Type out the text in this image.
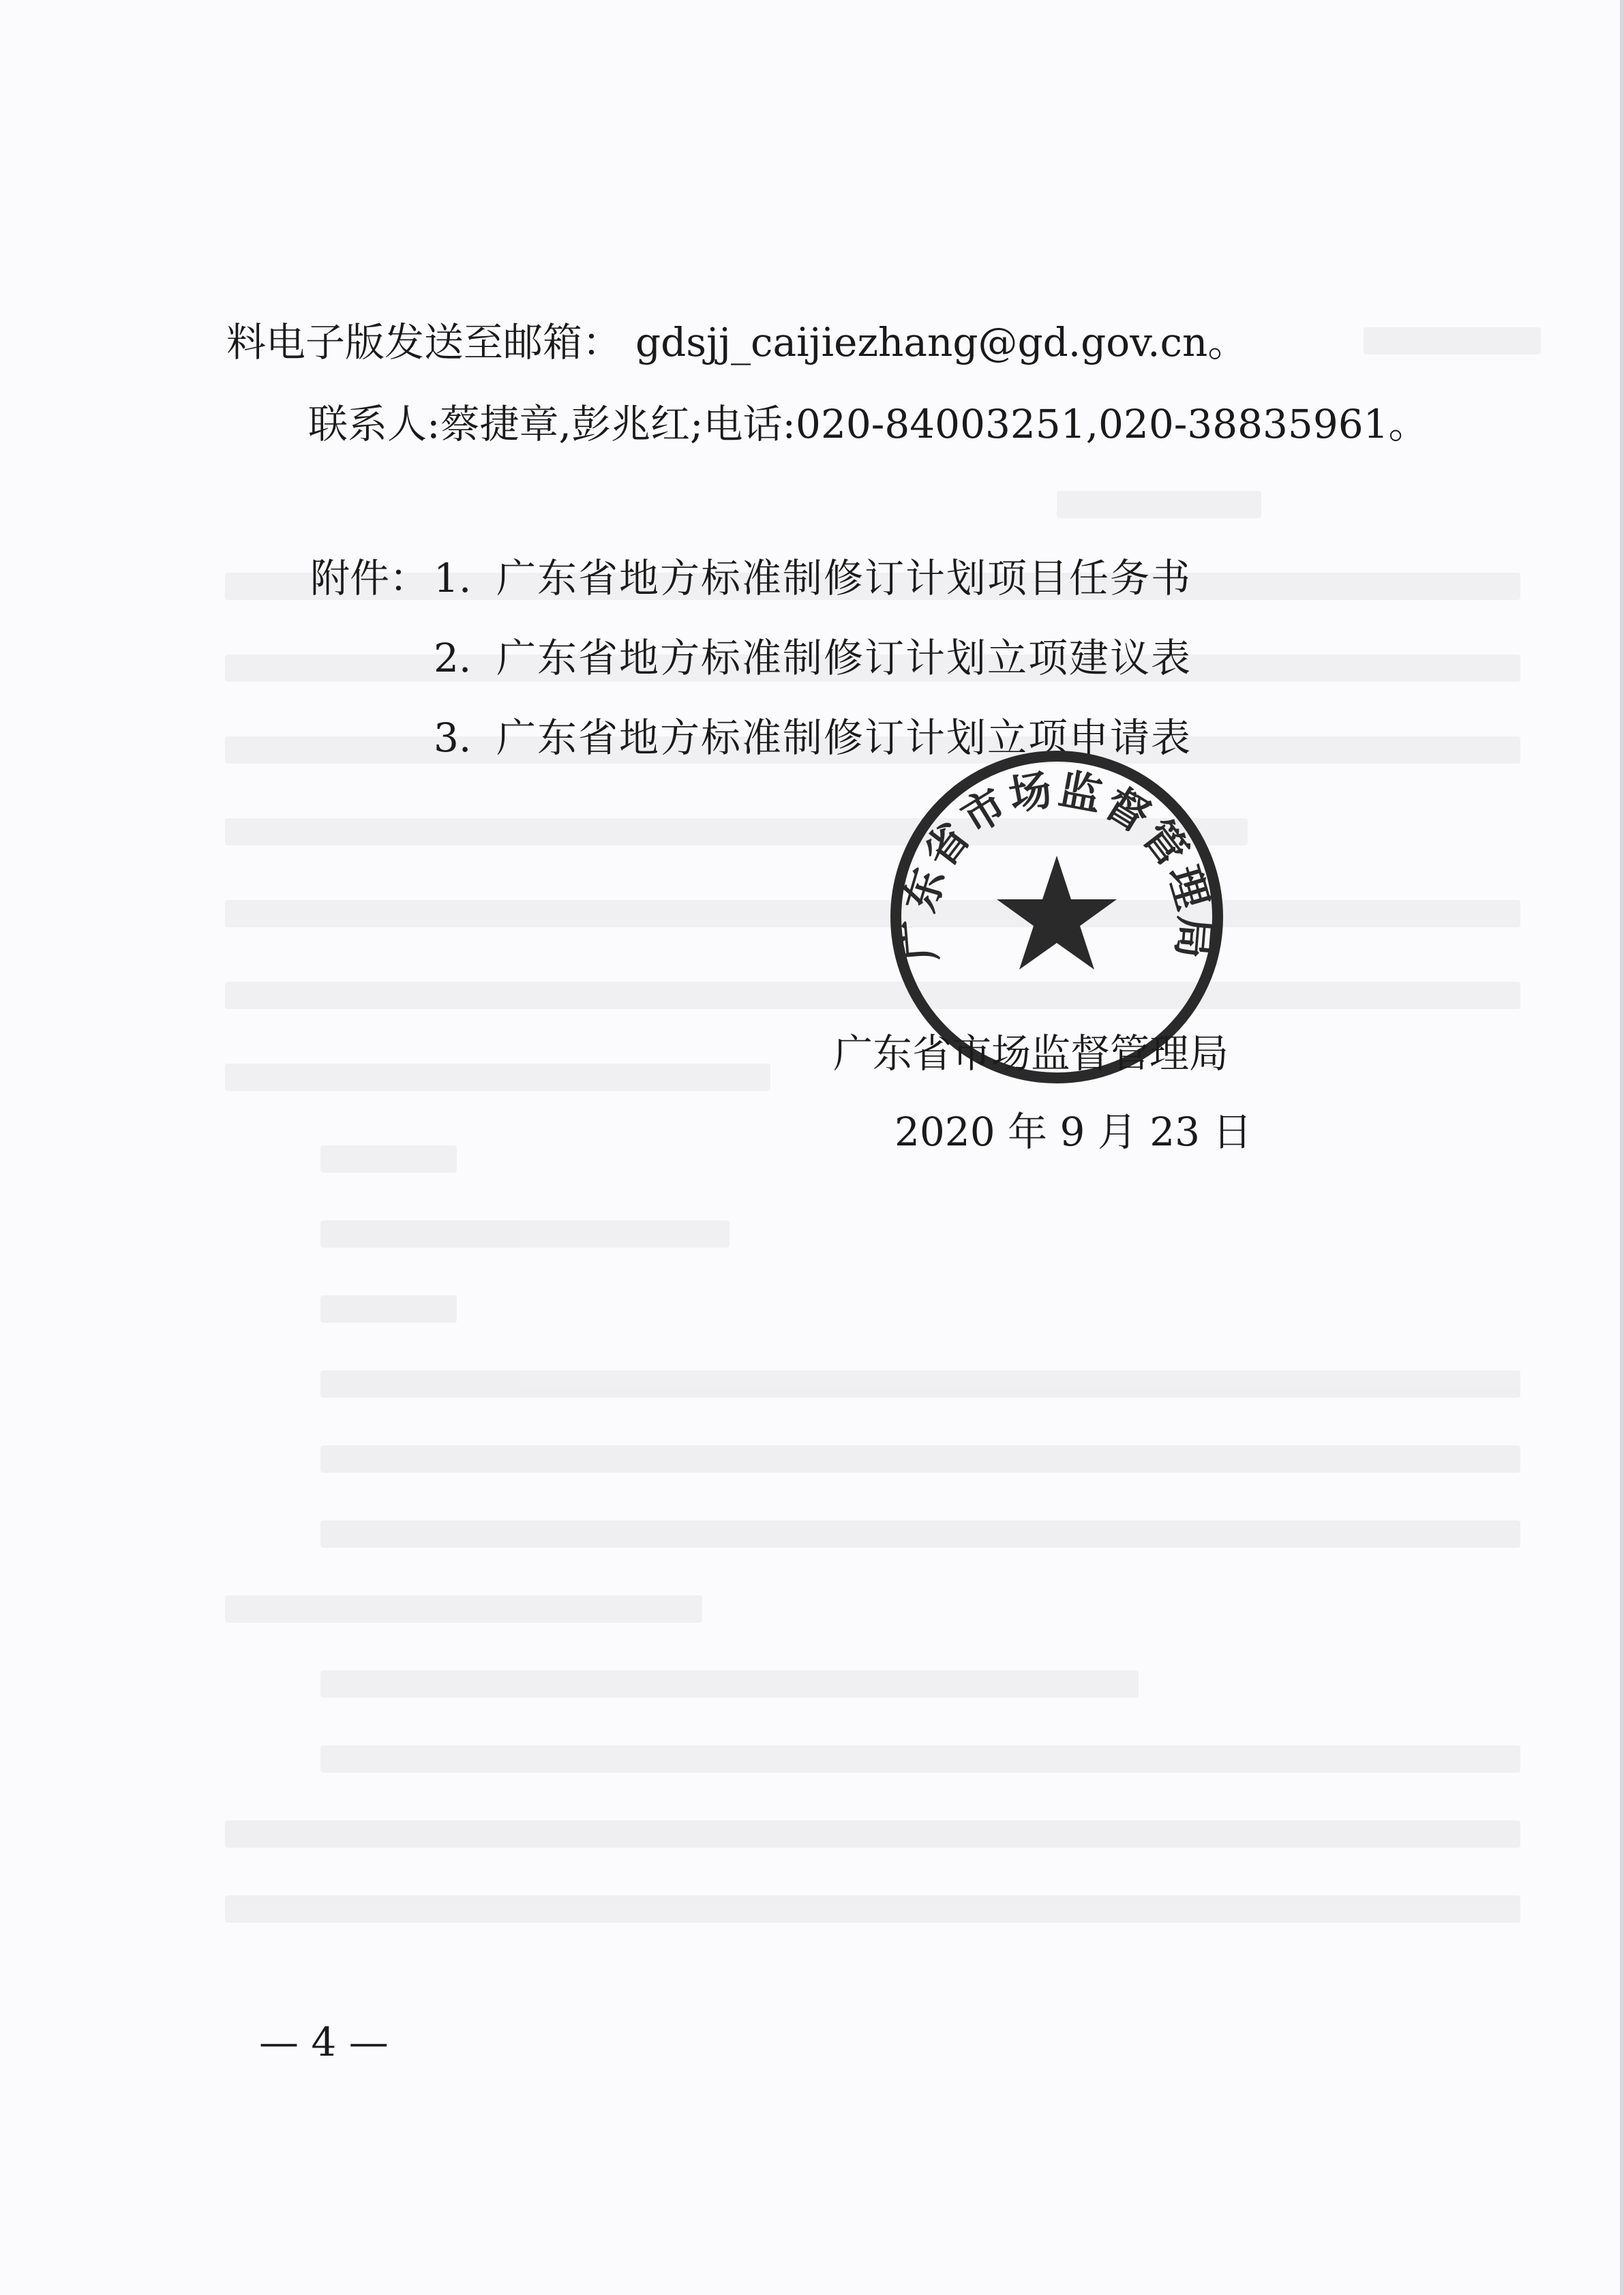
料电子版发送至邮箱： gdsjj_caijiezhang@gd.gov.cn。
联系人:蔡捷章,彭兆红;电话:020-84003251,020-38835961。
附件： 1. 广东省地方标准制修订计划项目任务书
2. 广东省地方标准制修订计划立项建议表
3. 广东省地方标准制修订计划立项申请表
广东省市场监督管理局
广东省市场监督管理局
2020 年 9 月 23 日
— 4 —
